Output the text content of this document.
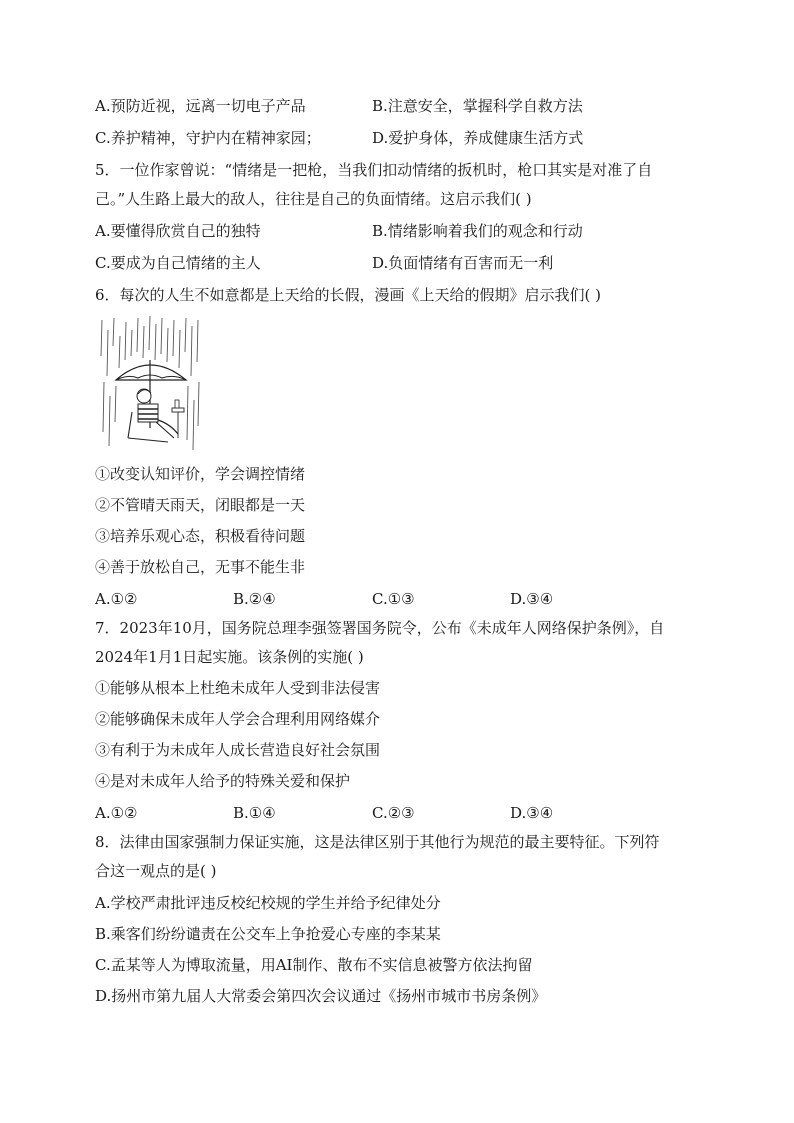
A.预防近视，远离一切电子产品	B.注意安全，掌握科学自救方法
C.养护精神，守护内在精神家园；	D.爱护身体，养成健康生活方式
5．一位作家曾说：“情绪是一把枪，当我们扣动情绪的扳机时，枪口其实是对准了自
己。”人生路上最大的敌人，往往是自己的负面情绪。这启示我们( )
A.要懂得欣赏自己的独特	B.情绪影响着我们的观念和行动
C.要成为自己情绪的主人	D.负面情绪有百害而无一利
6．每次的人生不如意都是上天给的长假，漫画《上天给的假期》启示我们( )
①改变认知评价，学会调控情绪
②不管晴天雨天，闭眼都是一天
③培养乐观心态，积极看待问题
④善于放松自己，无事不能生非
A.①②	B.②④	C.①③	D.③④
7．2023年10月，国务院总理李强签署国务院令，公布《未成年人网络保护条例》，自
2024年1月1日起实施。该条例的实施( )
①能够从根本上杜绝未成年人受到非法侵害
②能够确保未成年人学会合理利用网络媒介
③有利于为未成年人成长营造良好社会氛围
④是对未成年人给予的特殊关爱和保护
A.①②	B.①④	C.②③	D.③④
8．法律由国家强制力保证实施，这是法律区别于其他行为规范的最主要特征。下列符
合这一观点的是( )
A.学校严肃批评违反校纪校规的学生并给予纪律处分
B.乘客们纷纷谴责在公交车上争抢爱心专座的李某某
C.孟某等人为博取流量，用AI制作、散布不实信息被警方依法拘留
D.扬州市第九届人大常委会第四次会议通过《扬州市城市书房条例》
